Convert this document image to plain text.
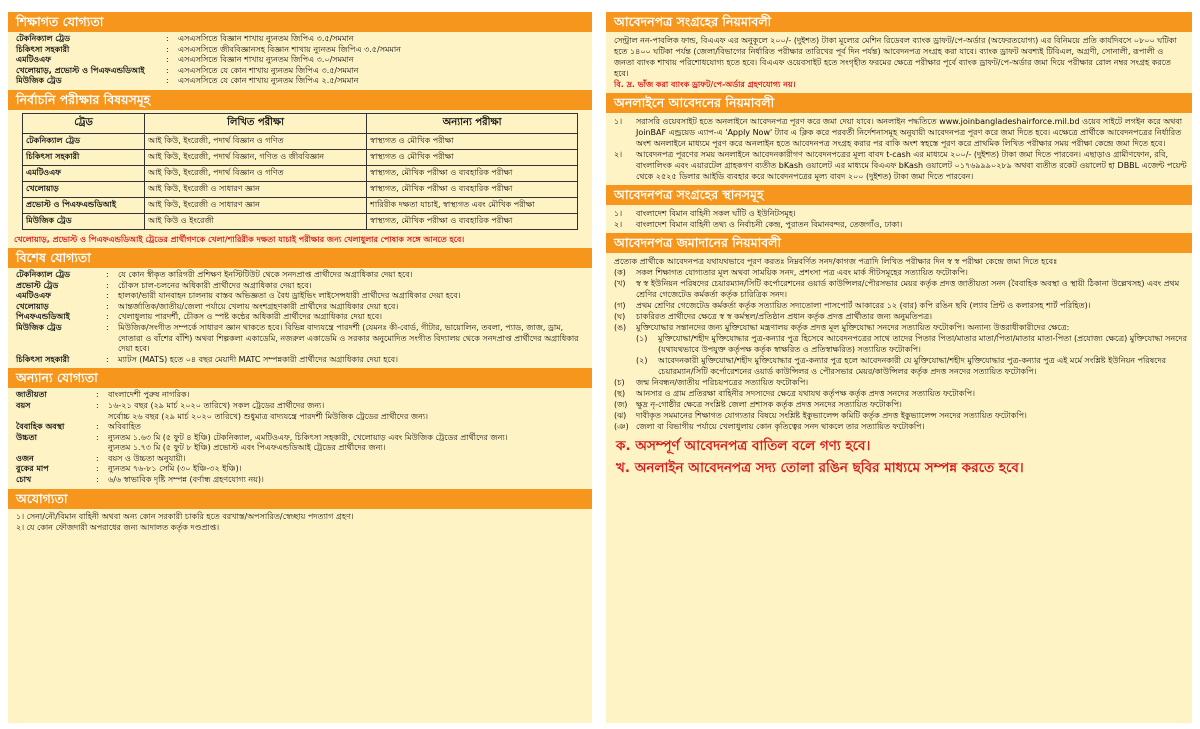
শিক্ষাগত যোগ্যতা
টেকনিক্যাল ট্রেড	:	এসএসসিতে বিজ্ঞান শাখায় ন্যুনতম জিপিএ ৩.৫/সমমান
চিকিৎসা সহকারী	:	এসএসসিতে জীববিজ্ঞানসহ বিজ্ঞান শাখায় ন্যুনতম জিপিএ ৩.৫/সমমান
এমটিওএফ	:	এসএসসিতে বিজ্ঞান শাখায় ন্যুনতম জিপিএ ৩.০/সমমান
খেলোয়াড়, প্রভোস্ট ও পিএফএন্ডডিআই	:	এসএসসিতে যে কোন শাখায় ন্যুনতম জিপিএ ৩.৫/সমমান
মিউজিক ট্রেড	:	এসএসসিতে যে কোন শাখায় ন্যুনতম জিপিএ ২.৫/সমমান
নির্বাচনি পরীক্ষার বিষয়সমূহ
ট্রেড	লিখিত পরীক্ষা	অন্যান্য পরীক্ষা
টেকনিক্যাল ট্রেড	আই কিউ, ইংরেজী, পদার্থ বিজ্ঞান ও গণিত	স্বাস্থ্যগত ও মৌখিক পরীক্ষা
চিকিৎসা সহকারী	আই কিউ, ইংরেজী, পদার্থ বিজ্ঞান, গণিত ও জীববিজ্ঞান	স্বাস্থ্যগত ও মৌখিক পরীক্ষা
এমটিওএফ	আই কিউ, ইংরেজী, পদার্থ বিজ্ঞান ও গণিত	স্বাস্থ্যগত, মৌখিক পরীক্ষা ও ব্যবহারিক পরীক্ষা
খেলোয়াড়	আই কিউ, ইংরেজী ও সাধারণ জ্ঞান	স্বাস্থ্যগত, মৌখিক পরীক্ষা ও ব্যবহারিক পরীক্ষা
প্রভোস্ট ও পিএফএন্ডডিআই	আই কিউ, ইংরেজী ও সাধারণ জ্ঞান	শারিরীক দক্ষতা যাচাই, স্বাস্থ্যগত এবং মৌখিক পরীক্ষা
মিউজিক ট্রেড	আই কিউ ও ইংরেজী	স্বাস্থ্যগত, মৌখিক পরীক্ষা ও ব্যবহারিক পরীক্ষা
খেলোয়াড়, প্রভোস্ট ও পিএফএন্ডডিআই ট্রেডের প্রার্থীগণকে খেলা/শারিরীক দক্ষতা যাচাই পরীক্ষার জন্য খেলাধুলার পোষাক সঙ্গে আনতে হবে।
বিশেষ যোগ্যতা
টেকনিক্যাল ট্রেড	:	যে কোন স্বীকৃত কারিগরী প্রশিক্ষণ ইনস্টিটিউট থেকে সনদপ্রাপ্ত প্রার্থীদের অগ্রাধিকার দেয়া হবে।
প্রভোস্ট ট্রেড	:	চৌকস চাল-চলনের অধিকারী প্রার্থীদের অগ্রাধিকার দেয়া হবে।
এমটিওএফ	:	হালকা/ভারী যানবাহন চালনায় বাস্তব অভিজ্ঞতা ও বৈধ ড্রাইভিং লাইসেন্সধারী প্রার্থীদের অগ্রাধিকার দেয়া হবে।
খেলোয়াড়	:	আন্তর্জাতিক/জাতীয়/জেলা পর্যায়ে খেলায় অংশগ্রহণকারী প্রার্থীদের অগ্রাধিকার দেয়া হবে।
পিএফএন্ডডিআই	:	খেলাধুলায় পারদর্শী, চৌকস ও স্পষ্ট কন্ঠের অধিকারী প্রার্থীদের অগ্রাধিকার দেয়া হবে।
মিউজিক ট্রেড	:	মিউজিক/সংগীত সম্পর্কে সাধারণ জ্ঞান থাকতে হবে। বিভিন্ন বাদ্যযন্ত্রে পারদর্শী (যেমনঃ কী-বোর্ড, গীটার, ভায়োলিন, তবলা, প্যাড, জাজ, ড্রাম, দোতারা ও বাঁশের বাঁশি) অথবা শিল্পকলা একাডেমি, নজরুল একাডেমি ও সরকার অনুমোদিত সংগীত বিদ্যালয় থেকে সনদপ্রাপ্ত প্রার্থীদের অগ্রাধিকার দেয়া হবে।
চিকিৎসা সহকারী	:	ম্যাটস (MATS) হতে ০৪ বছর মেয়াদী MATC সম্পন্নকারী প্রার্থীদের অগ্রাধিকার দেয়া হবে।
অন্যান্য যোগ্যতা
জাতীয়তা	:	বাংলাদেশী পুরুষ নাগরিক।
বয়স	:	১৬-২১ বছর (২৯ মার্চ ২০২০ তারিখে) সকল ট্রেডের প্রার্থীদের জন্য।
সর্বোচ্চ ২৬ বছর (২৯ মার্চ ২০২০ তারিখে) শুধুমাত্র বাদ্যযন্ত্রে পারদর্শী মিউজিক ট্রেডের প্রার্থীদের জন্য।
বৈবাহিক অবস্থা	:	অবিবাহিত
উচ্চতা	:	ন্যুনতম ১.৬৩ মি (৫ ফুট ৪ ইঞ্চি) টেকনিক্যাল, এমটিওএফ, চিকিৎসা সহকারী, খেলোয়াড় এবং মিউজিক ট্রেডের প্রার্থীদের জন্য।
ন্যুনতম ১.৭৩ মি (৫ ফুট ৮ ইঞ্চি) প্রভোস্ট এবং পিএফএন্ডডিআই ট্রেডের প্রার্থীদের জন্য।
ওজন	:	বয়স ও উচ্চতা অনুযায়ী।
বুকের মাপ	:	ন্যুনতম ৭৬-৮১ সেমি (৩০ ইঞ্চি-৩২ ইঞ্চি)।
চোখ	:	৬/৬ স্বাভাবিক দৃষ্টি সম্পন্ন (বর্ণান্ধ গ্রহণযোগ্য নয়)।
অযোগ্যতা
১। সেনা/নৌ/বিমান বাহিনী অথবা অন্য কোন সরকারী চাকরি হতে বরখাস্ত/অপসারিত/স্বেচ্ছায় পদত্যাগ গ্রহণ।
২। যে কোন ফৌজদারী অপরাধের জন্য আদালত কর্তৃক দণ্ডপ্রাপ্ত।
আবেদনপত্র সংগ্রহের নিয়মাবলী
সেন্ট্রাল নন-পাবলিক ফান্ড, বিএএফ এর অনুকূলে ২০০/- (দুইশত) টাকা মূল্যের মেশিন রিডেবল ব্যাংক ড্রাফট/পে-অর্ডার (অফেরতযোগ্য) এর বিনিময়ে প্রতি কার্যদিবসে ০৮০০ ঘটিকা হতে ১৪০০ ঘটিকা পর্যন্ত (জেলা/বিভাগের নির্ধারিত পরীক্ষার তারিখের পূর্ব দিন পর্যন্ত) আবেদনপত্র সংগ্রহ করা যাবে। ব্যাংক ড্রাফট অবশ্যই টিবিএল, অগ্রণী, সোনালী, রূপালী ও জনতা ব্যাংক শাখায় পরিশোধযোগ্য হতে হবে। বিএএফ ওয়েবসাইট হতে সংগৃহীত ফরমের ক্ষেত্রে পরীক্ষার পূর্বে ব্যাংক ড্রাফট/পে-অর্ডার জমা দিয়ে পরীক্ষার রোল নম্বর সংগ্রহ করতে হবে।
বি. দ্র. ভাঁজ করা ব্যাংক ড্রাফট/পে-অর্ডার গ্রহণযোগ্য নয়।
অনলাইনে আবেদনের নিয়মাবলী
১।	সরাসরি ওয়েবসাইট হতে অনলাইনে আবেদনপত্র পূরণ করে জমা দেয়া যাবে। অনলাইন পদ্ধতিতে www.joinbangladeshairforce.mil.bd ওয়েব সাইটে লগইন করে অথবা JoinBAF এন্ড্রয়েড এ্যাপ-এ 'Apply Now' ট্যাব এ ক্লিক করে পরবর্তী নির্দেশনাসমূহ অনুযায়ী আবেদনপত্র পূরণ করে জমা দিতে হবে। এক্ষেত্রে প্রার্থীকে আবেদনপত্রের নির্ধারিত অংশ অনলাইনে মাধ্যমে পূরণ করে অনলাইন হতে আবেদনপত্র সংগ্রহ করার পর বাকি অংশ স্বহস্তে পূরণ করে প্রাথমিক লিখিত পরীক্ষার সময় পরীক্ষা কেন্দ্রে জমা দিতে হবে।
২।	আবেদনপত্র পূরণের সময় অনলাইনে আবেদনকারীগণ আবেদনপত্রের মূল্য বাবদ t-cash এর মাধ্যমে ২০০/- (দুইশত) টাকা জমা দিতে পারবেন। এছাড়াও গ্রামীণফোন, রবি, বাংলালিংক এবং এয়ারটেল গ্রাহকগণ ব্যতীত bKash ওয়ালেট এর মাধ্যমে বিএএফ bKash ওয়ালেট ০১৭৬৯৯৯০২৮৯ অথবা ব্যতীত রকেট ওয়ালেট হা DBBL এজেন্ট পয়েন্ট থেকে ২৫২৫ ডিলার আইডি ব্যবহার করে আবেদনপত্রের মূল্য বাবদ ২০০ (দুইশত) টাকা জমা দিতে পারবেন।
আবেদনপত্র সংগ্রহের স্থানসমূহ
১।	বাংলাদেশ বিমান বাহিনী সকল ঘাঁটি ও ইউনিটসমূহ।
২।	বাংলাদেশ বিমান বাহিনী তথ্য ও নির্বাচনী কেন্দ্র, পুরাতন বিমানবন্দর, তেজগাঁও, ঢাকা।
আবেদনপত্র জমাদানের নিয়মাবলী
প্রত্যেক প্রার্থীকে আবেদনপত্র যথাযথভাবে পূরণ করতঃ নিম্নবর্ণিত সনদ/কাগজ পত্রাদি লিখিত পরীক্ষার দিন স্ব স্ব পরীক্ষা কেন্দ্রে জমা দিতে হবেঃ
(ক)	সকল শিক্ষাগত যোগ্যতার মূল অথবা সাময়িক সনদ, প্রশংসা পত্র এবং মার্ক সীটসমূহের সত্যায়িত ফটোকপি।
(খ)	স্ব স্ব ইউনিয়ন পরিষদের চেয়ারম্যান/সিটি কর্পোরেশনের ওয়ার্ড কাউন্সিলর/পৌরসভার মেয়র কর্তৃক প্রদত্ত জাতীয়তা সনদ (বৈবাহিক অবস্থা ও স্থায়ী ঠিকানা উল্লেখসহ) এবং প্রথম শ্রেণির গেজেটেড কর্মকর্তা কর্তৃক চারিত্রিক সনদ।
(গ)	প্রথম শ্রেণির গেজেটেড কর্মকর্তা কর্তৃক সত্যায়িত সদ্যতোলা পাসপোর্ট আকারের ১২ (বার) কপি রঙিন ছবি (ল্যাব প্রিন্ট ও কলারসহ শার্ট পরিহিত)।
(ঘ)	চাকরিরত প্রার্থীদের ক্ষেত্রে স্ব স্ব কর্মস্থল/প্রতিষ্ঠান প্রধান কর্তৃক প্রদত্ত প্রার্থীতার জন্য অনুমতিপত্র।
(ঙ)	মুক্তিযোদ্ধার সন্তানদের জন্য মুক্তিযোদ্ধা মন্ত্রণালয় কর্তৃক প্রদত্ত মূল মুক্তিযোদ্ধা সনদের সত্যায়িত ফটোকপি। অন্যান্য উত্তরাধীকারীদের ক্ষেত্রে:
(১)	মুক্তিযোদ্ধা/শহীদ মুক্তিযোদ্ধার পুত্র-কন্যার পুত্র হিসেবে আবেদনপত্রের সাথে তাদের পিতার পিতা/মাতার মাতা/পিতা/মাতার মাতা-পিতা (প্রযোজ্য ক্ষেত্রে) মুক্তিযোদ্ধা সনদের (যথাযথভাবে উপযুক্ত কর্তৃপক্ষ কর্তৃক স্বাক্ষরিত ও প্রতিস্বাক্ষরিত) সত্যায়িত ফটোকপি।
(২)	আবেদনকারী মুক্তিযোদ্ধা/শহীদ মুক্তিযোদ্ধার পুত্র-কন্যার পুত্র হলে আবেদনকারী যে মুক্তিযোদ্ধা/শহীদ মুক্তিযোদ্ধার পুত্র-কন্যার পুত্র এই মর্মে সংশ্লিষ্ট ইউনিয়ন পরিষদের চেয়ারম্যান/সিটি কর্পোরেশনের ওয়ার্ড কাউন্সিলর ও পৌরসভার মেয়র/কাউন্সিলর কর্তৃক প্রদত্ত সনদের সত্যায়িত ফটোকপি।
(চ)	জন্ম নিবন্ধন/জাতীয় পরিচয়পত্রের সত্যায়িত ফটোকপি।
(ছ)	আনসার ও গ্রাম প্রতিরক্ষা বাহিনীর সদস্যদের ক্ষেত্রে যথাযথ কর্তৃপক্ষ কর্তৃক প্রদত্ত সনদের সত্যায়িত ফটোকপি।
(জ)	ক্ষুদ্র নৃ-গোষ্ঠীর ক্ষেত্রে সংশ্লিষ্ট জেলা প্রশাসক কর্তৃক প্রদত্ত সনদের সত্যায়িত ফটোকপি।
(ঝ)	দাবীকৃত সমমানের শিক্ষাগত যোগ্যতার বিষয়ে সংশ্লিষ্ট ইকুভ্যালেন্স কমিটি কর্তৃক প্রদত্ত ইকুভ্যালেন্স সনদের সত্যায়িত ফটোকপি।
(ঞ) জেলা বা বিভাগীয় পর্যায়ে খেলাধুলায় কোন কৃতিত্বের সনদ থাকলে তার সত্যায়িত ফটোকপি।
ক. অসম্পূর্ণ আবেদনপত্র বাতিল বলে গণ্য হবে।
খ. অনলাইন আবেদনপত্র সদ্য তোলা রঙিন ছবির মাধ্যমে সম্পন্ন করতে হবে।
